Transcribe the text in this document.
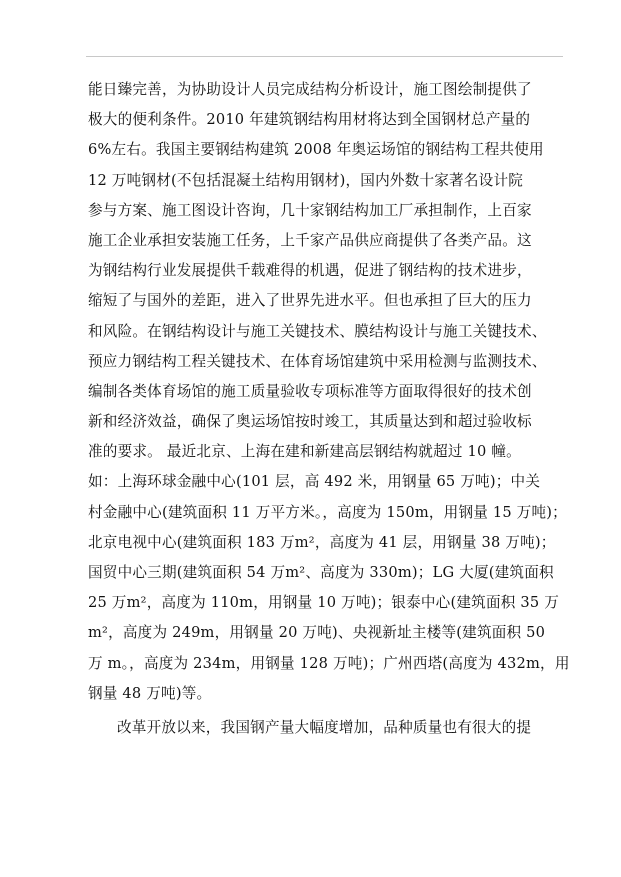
能日臻完善，为协助设计人员完成结构分析设计，施工图绘制提供了
极大的便利条件。2010 年建筑钢结构用材将达到全国钢材总产量的
6%左右。我国主要钢结构建筑 2008 年奥运场馆的钢结构工程共使用
12 万吨钢材(不包括混凝土结构用钢材)，国内外数十家著名设计院
参与方案、施工图设计咨询，几十家钢结构加工厂承担制作，上百家
施工企业承担安装施工任务，上千家产品供应商提供了各类产品。这
为钢结构行业发展提供千载难得的机遇，促进了钢结构的技术进步，
缩短了与国外的差距，进入了世界先进水平。但也承担了巨大的压力
和风险。在钢结构设计与施工关键技术、膜结构设计与施工关键技术、
预应力钢结构工程关键技术、在体育场馆建筑中采用检测与监测技术、
编制各类体育场馆的施工质量验收专项标准等方面取得很好的技术创
新和经济效益，确保了奥运场馆按时竣工，其质量达到和超过验收标
准的要求。 最近北京、上海在建和新建高层钢结构就超过 10 幢。
如：上海环球金融中心(101 层，高 492 米，用钢量 65 万吨)；中关
村金融中心(建筑面积 11 万平方米。，高度为 150m，用钢量 15 万吨)；
北京电视中心(建筑面积 183 万m²，高度为 41 层，用钢量 38 万吨)；
国贸中心三期(建筑面积 54 万m²、高度为 330m)；LG 大厦(建筑面积
25 万m²，高度为 110m，用钢量 10 万吨)；银泰中心(建筑面积 35 万
m²，高度为 249m，用钢量 20 万吨)、央视新址主楼等(建筑面积 50
万 m。，高度为 234m，用钢量 128 万吨)；广州西塔(高度为 432m，用
钢量 48 万吨)等。
改革开放以来，我国钢产量大幅度增加，品种质量也有很大的提
